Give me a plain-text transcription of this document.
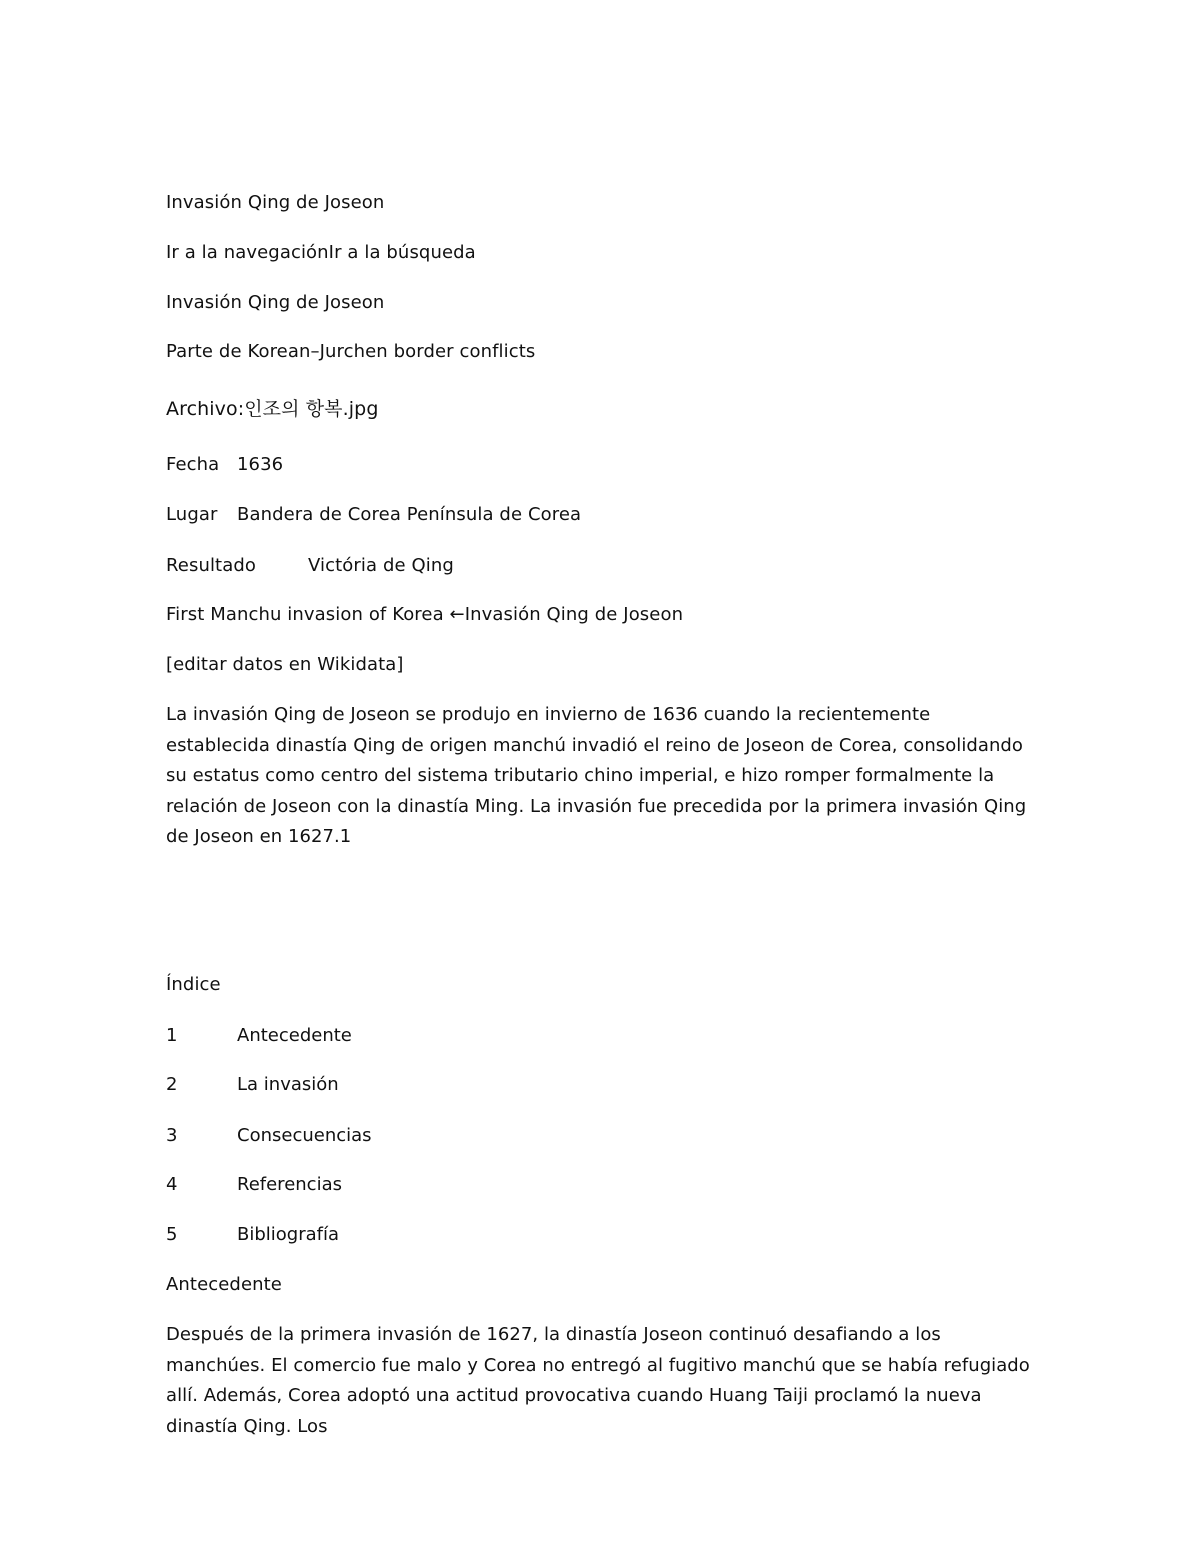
Invasión Qing de Joseon
Ir a la navegaciónIr a la búsqueda
Invasión Qing de Joseon
Parte de Korean–Jurchen border conflicts
Archivo:인조의 항복.jpg
Fecha 1636
Lugar Bandera de Corea Península de Corea
Resultado	Victória de Qing
First Manchu invasion of Korea ←Invasión Qing de Joseon
[editar datos en Wikidata]
La invasión Qing de Joseon se produjo en invierno de 1636 cuando la recientemente establecida dinastía Qing de origen manchú invadió el reino de Joseon de Corea, consolidando su estatus como centro del sistema tributario chino imperial, e hizo romper formalmente la relación de Joseon con la dinastía Ming. La invasión fue precedida por la primera invasión Qing de Joseon en 1627.1
Índice
1	Antecedente
2	La invasión
3	Consecuencias
4	Referencias
5	Bibliografía
Antecedente
Después de la primera invasión de 1627, la dinastía Joseon continuó desafiando a los manchúes. El comercio fue malo y Corea no entregó al fugitivo manchú que se había refugiado allí. Además, Corea adoptó una actitud provocativa cuando Huang Taiji proclamó la nueva dinastía Qing. Los
